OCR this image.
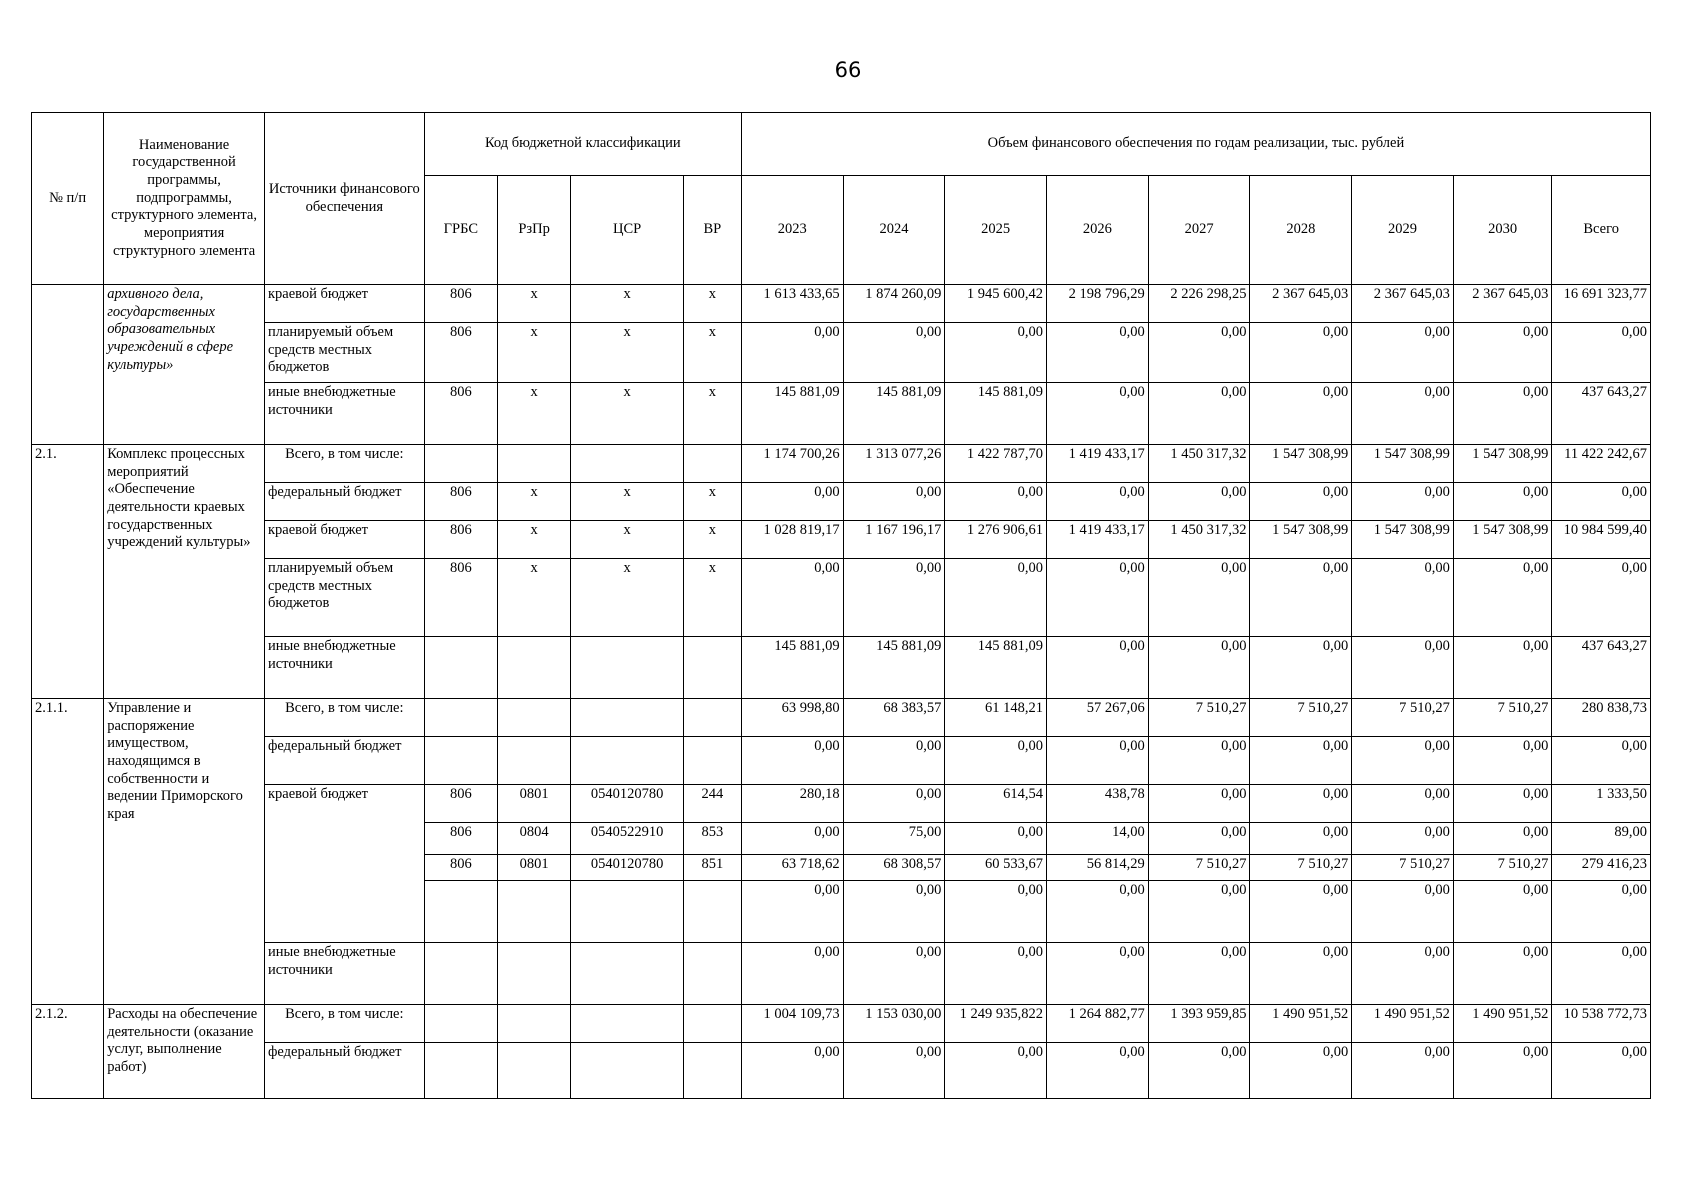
66
№ п/п	Наименование государственной программы, подпрограммы, структурного элемента, мероприятия структурного элемента	Источники финансового обеспечения	Код бюджетной классификации				Объем финансового обеспечения по годам реализации, тыс. рублей								
			ГРБС	РзПр	ЦСР	ВР	2023	2024	2025	2026	2027	2028	2029	2030	Всего
	архивного дела, государственных образовательных учреждений в сфере культуры»	краевой бюджет	806	х	х	х	1 613 433,65	1 874 260,09	1 945 600,42	2 198 796,29	2 226 298,25	2 367 645,03	2 367 645,03	2 367 645,03	16 691 323,77
		планируемый объем средств местных бюджетов	806	х	х	х	0,00	0,00	0,00	0,00	0,00	0,00	0,00	0,00	0,00
		иные внебюджетные источники	806	х	х	х	145 881,09	145 881,09	145 881,09	0,00	0,00	0,00	0,00	0,00	437 643,27
2.1.	Комплекс процессных мероприятий «Обеспечение деятельности краевых государственных учреждений культуры»	Всего, в том числе:					1 174 700,26	1 313 077,26	1 422 787,70	1 419 433,17	1 450 317,32	1 547 308,99	1 547 308,99	1 547 308,99	11 422 242,67
		федеральный бюджет	806	х	х	х	0,00	0,00	0,00	0,00	0,00	0,00	0,00	0,00	0,00
		краевой бюджет	806	х	х	х	1 028 819,17	1 167 196,17	1 276 906,61	1 419 433,17	1 450 317,32	1 547 308,99	1 547 308,99	1 547 308,99	10 984 599,40
		планируемый объем средств местных бюджетов	806	х	х	х	0,00	0,00	0,00	0,00	0,00	0,00	0,00	0,00	0,00
		иные внебюджетные источники					145 881,09	145 881,09	145 881,09	0,00	0,00	0,00	0,00	0,00	437 643,27
2.1.1.	Управление и распоряжение имуществом, находящимся в собственности и ведении Приморского края	Всего, в том числе:					63 998,80	68 383,57	61 148,21	57 267,06	7 510,27	7 510,27	7 510,27	7 510,27	280 838,73
		федеральный бюджет					0,00	0,00	0,00	0,00	0,00	0,00	0,00	0,00	0,00
		краевой бюджет	806	0801	0540120780	244	280,18	0,00	614,54	438,78	0,00	0,00	0,00	0,00	1 333,50
			806	0804	0540522910	853	0,00	75,00	0,00	14,00	0,00	0,00	0,00	0,00	89,00
			806	0801	0540120780	851	63 718,62	68 308,57	60 533,67	56 814,29	7 510,27	7 510,27	7 510,27	7 510,27	279 416,23
							0,00	0,00	0,00	0,00	0,00	0,00	0,00	0,00	0,00
		иные внебюджетные источники					0,00	0,00	0,00	0,00	0,00	0,00	0,00	0,00	0,00
2.1.2.	Расходы на обеспечение деятельности (оказание услуг, выполнение работ)	Всего, в том числе:					1 004 109,73	1 153 030,00	1 249 935,822	1 264 882,77	1 393 959,85	1 490 951,52	1 490 951,52	1 490 951,52	10 538 772,73
		федеральный бюджет					0,00	0,00	0,00	0,00	0,00	0,00	0,00	0,00	0,00
